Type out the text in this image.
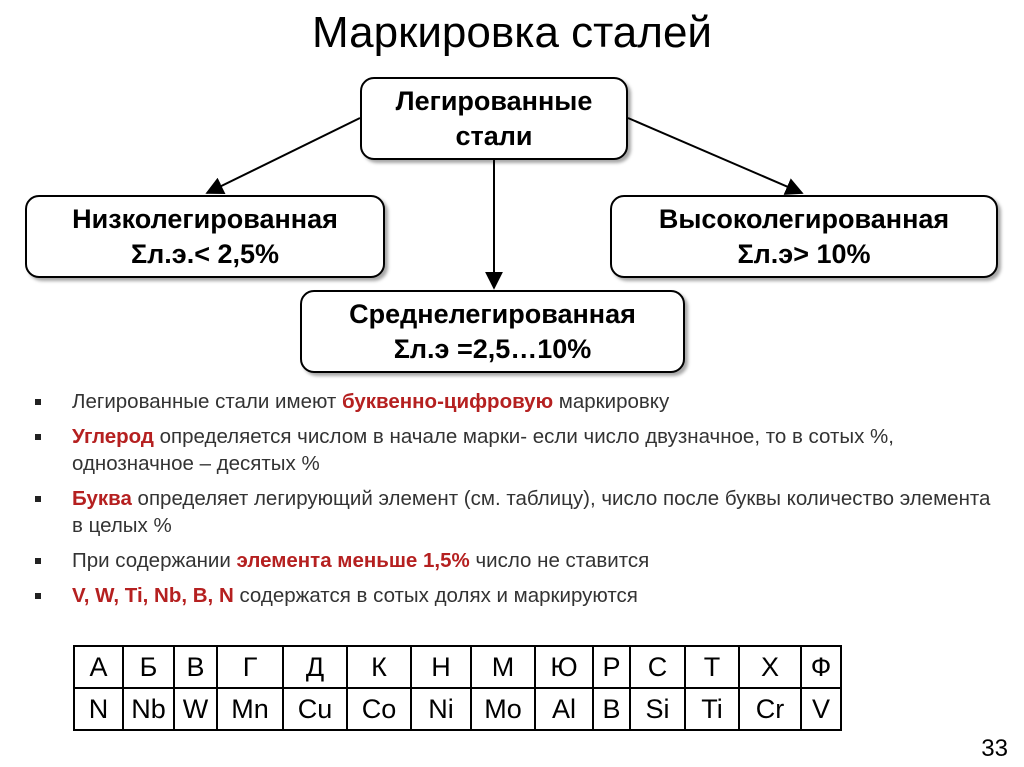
Маркировка сталей
Легированные
стали
Низколегированная
Σл.э.< 2,5%
Высоколегированная
Σл.э> 10%
Среднелегированная
Σл.э =2,5…10%
Легированные стали имеют буквенно-цифровую маркировку
Углерод определяется числом в начале марки- если число двузначное, то в сотых %, однозначное – десятых %
Буква определяет легирующий элемент (см. таблицу), число после буквы количество элемента в целых %
При содержании элемента меньше 1,5% число не ставится
V, W, Ti, Nb, B, N содержатся в сотых долях и маркируются
А	Б	В	Г	Д	К	Н	М	Ю	Р	С	Т	Х	Ф
N	Nb	W	Mn	Cu	Co	Ni	Mo	Al	B	Si	Ti	Cr	V
33
